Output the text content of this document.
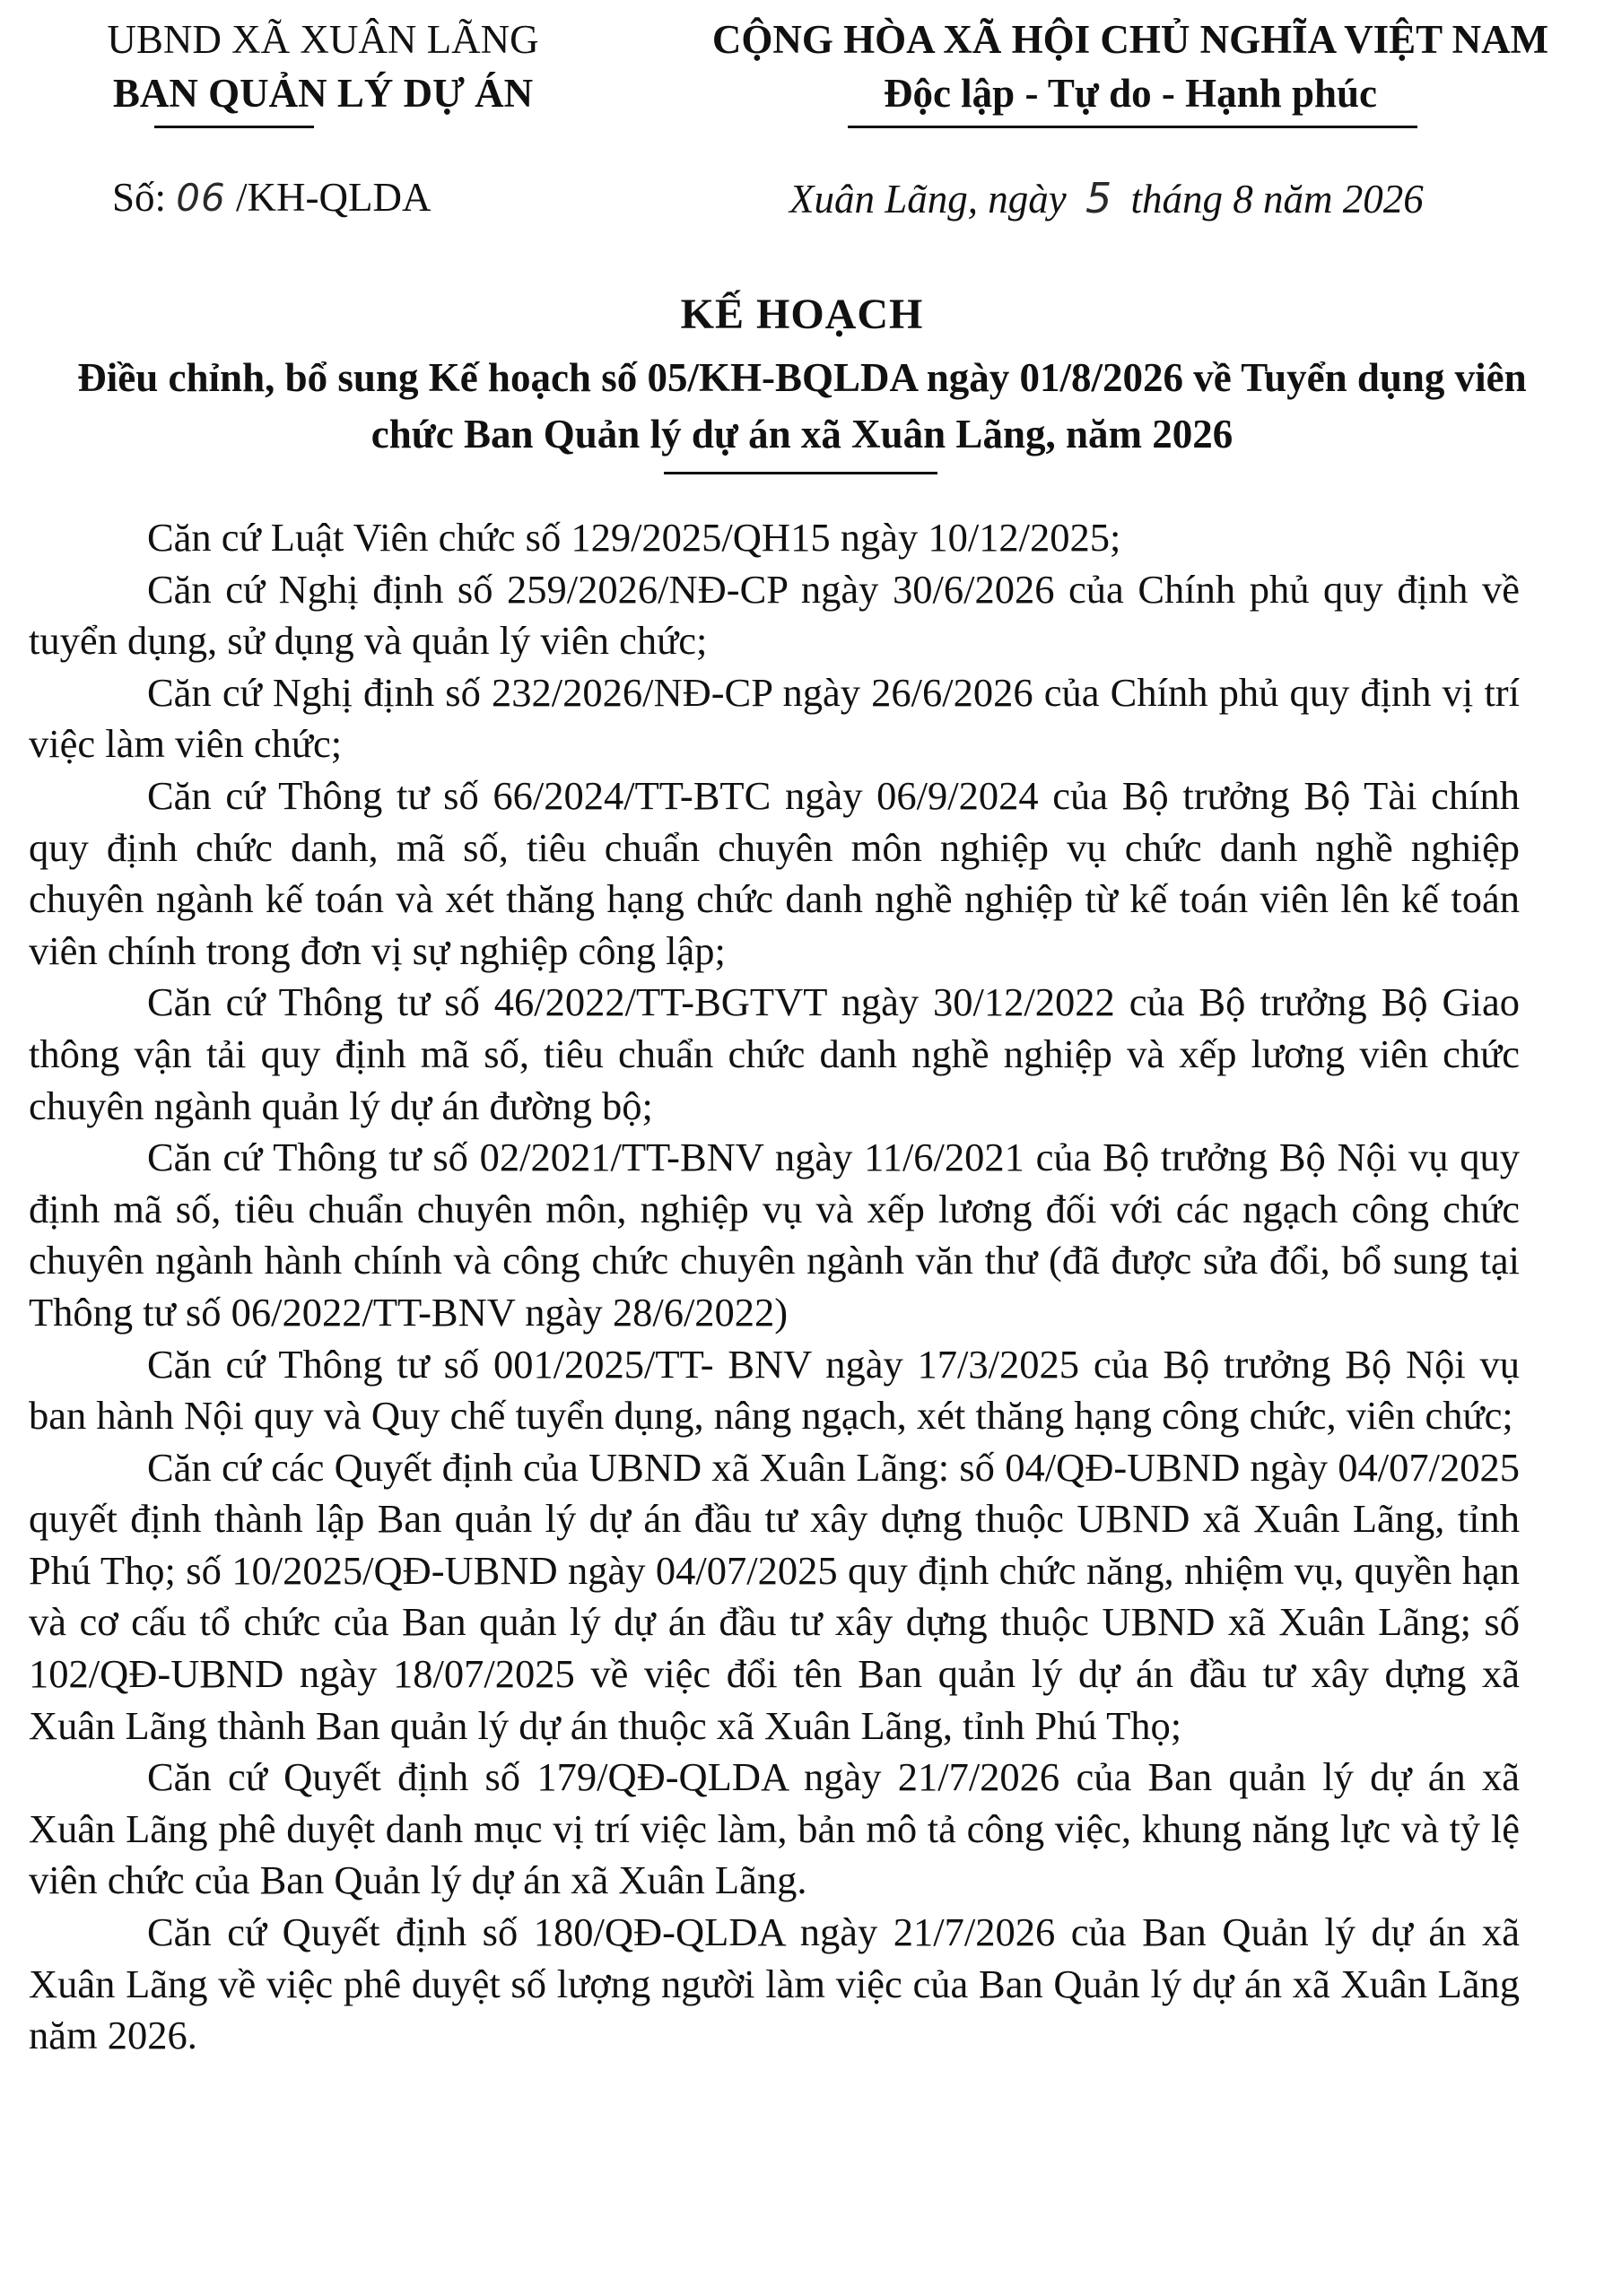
UBND XÃ XUÂN LÃNG
BAN QUẢN LÝ DỰ ÁN
CỘNG HÒA XÃ HỘI CHỦ NGHĨA VIỆT NAM
Độc lập - Tự do - Hạnh phúc
Số: 06 /KH-QLDA	Xuân Lãng, ngày 5 tháng 8 năm 2026
KẾ HOẠCH
Điều chỉnh, bổ sung Kế hoạch số 05/KH-BQLDA ngày 01/8/2026 về Tuyển dụng viên chức Ban Quản lý dự án xã Xuân Lãng, năm 2026

Căn cứ Luật Viên chức số 129/2025/QH15 ngày 10/12/2025;

Căn cứ Nghị định số 259/2026/NĐ-CP ngày 30/6/2026 của Chính phủ quy định về tuyển dụng, sử dụng và quản lý viên chức;

Căn cứ Nghị định số 232/2026/NĐ-CP ngày 26/6/2026 của Chính phủ quy định vị trí việc làm viên chức;

Căn cứ Thông tư số 66/2024/TT-BTC ngày 06/9/2024 của Bộ trưởng Bộ Tài chính quy định chức danh, mã số, tiêu chuẩn chuyên môn nghiệp vụ chức danh nghề nghiệp chuyên ngành kế toán và xét thăng hạng chức danh nghề nghiệp từ kế toán viên lên kế toán viên chính trong đơn vị sự nghiệp công lập;

Căn cứ Thông tư số 46/2022/TT-BGTVT ngày 30/12/2022 của Bộ trưởng Bộ Giao thông vận tải quy định mã số, tiêu chuẩn chức danh nghề nghiệp và xếp lương viên chức chuyên ngành quản lý dự án đường bộ;

Căn cứ Thông tư số 02/2021/TT-BNV ngày 11/6/2021 của Bộ trưởng Bộ Nội vụ quy định mã số, tiêu chuẩn chuyên môn, nghiệp vụ và xếp lương đối với các ngạch công chức chuyên ngành hành chính và công chức chuyên ngành văn thư (đã được sửa đổi, bổ sung tại Thông tư số 06/2022/TT-BNV ngày 28/6/2022)

Căn cứ Thông tư số 001/2025/TT- BNV ngày 17/3/2025 của Bộ trưởng Bộ Nội vụ ban hành Nội quy và Quy chế tuyển dụng, nâng ngạch, xét thăng hạng công chức, viên chức;

Căn cứ các Quyết định của UBND xã Xuân Lãng: số 04/QĐ-UBND ngày 04/07/2025 quyết định thành lập Ban quản lý dự án đầu tư xây dựng thuộc UBND xã Xuân Lãng, tỉnh Phú Thọ; số 10/2025/QĐ-UBND ngày 04/07/2025 quy định chức năng, nhiệm vụ, quyền hạn và cơ cấu tổ chức của Ban quản lý dự án đầu tư xây dựng thuộc UBND xã Xuân Lãng; số 102/QĐ-UBND ngày 18/07/2025 về việc đổi tên Ban quản lý dự án đầu tư xây dựng xã Xuân Lãng thành Ban quản lý dự án thuộc xã Xuân Lãng, tỉnh Phú Thọ;

Căn cứ Quyết định số 179/QĐ-QLDA ngày 21/7/2026 của Ban quản lý dự án xã Xuân Lãng phê duyệt danh mục vị trí việc làm, bản mô tả công việc, khung năng lực và tỷ lệ viên chức của Ban Quản lý dự án xã Xuân Lãng.

Căn cứ Quyết định số 180/QĐ-QLDA ngày 21/7/2026 của Ban Quản lý dự án xã Xuân Lãng về việc phê duyệt số lượng người làm việc của Ban Quản lý dự án xã Xuân Lãng năm 2026.
